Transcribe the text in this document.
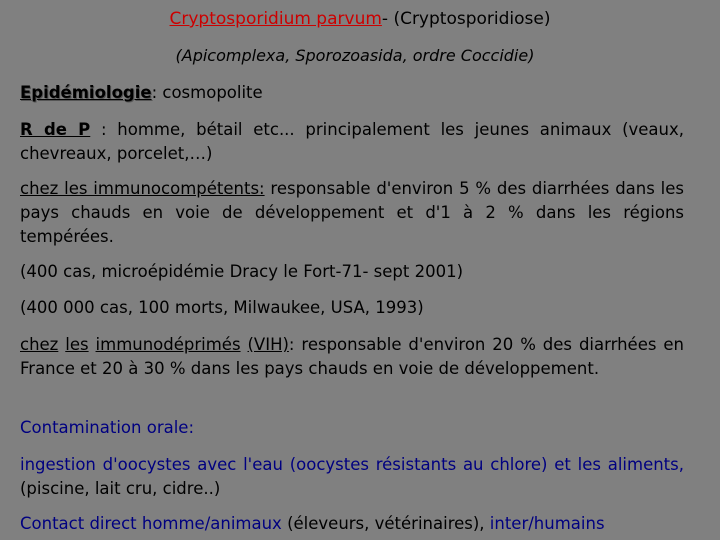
Cryptosporidium parvum- (Cryptosporidiose)
(Apicomplexa, Sporozoasida, ordre Coccidie)
Epidémiologie: cosmopolite
R de P : homme, bétail etc... principalement les jeunes animaux (veaux, chevreaux, porcelet,…)
chez les immunocompétents: responsable d'environ 5 % des diarrhées dans les pays chauds en voie de développement et d'1 à 2 % dans les régions tempérées.
(400 cas, microépidémie Dracy le Fort-71- sept 2001)
(400 000 cas, 100 morts, Milwaukee, USA, 1993)
chez les immunodéprimés (VIH): responsable d'environ 20 % des diarrhées en France et 20 à 30 % dans les pays chauds en voie de développement.
Contamination orale:
ingestion d'oocystes avec l'eau (oocystes résistants au chlore) et les aliments, (piscine, lait cru, cidre..)
Contact direct homme/animaux (éleveurs, vétérinaires), inter/humains
